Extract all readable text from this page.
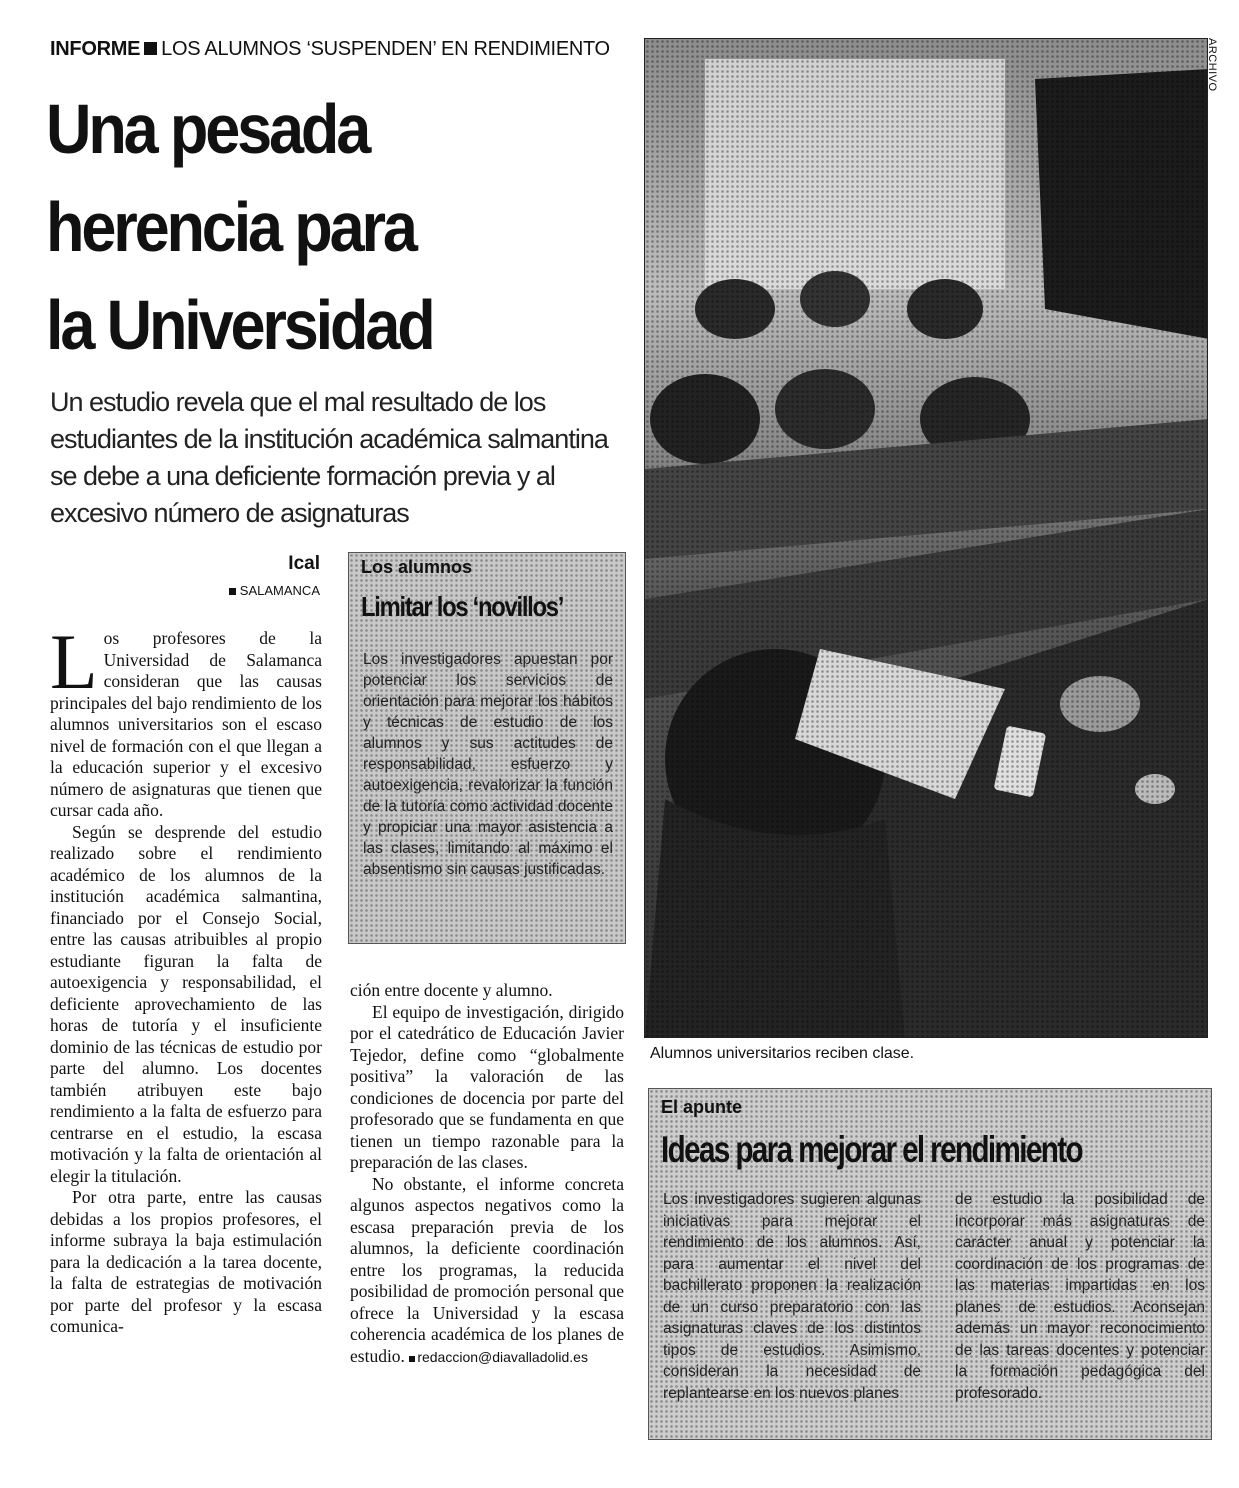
INFORME LOS ALUMNOS ‘SUSPENDEN’ EN RENDIMIENTO
Una pesada
herencia para
la Universidad
Un estudio revela que el mal resultado de los estudiantes de la institución académica salmantina se debe a una deficiente formación previa y al excesivo número de asignaturas
Ical
SALAMANCA

Los profesores de la Universidad de Salamanca consideran que las causas principales del bajo rendimiento de los alumnos universitarios son el escaso nivel de formación con el que llegan a la educación superior y el excesivo número de asignaturas que tienen que cursar cada año.

Según se desprende del estudio realizado sobre el rendimiento académico de los alumnos de la institución académica salmantina, financiado por el Consejo Social, entre las causas atribuibles al propio estudiante figuran la falta de autoexigencia y responsabilidad, el deficiente aprovechamiento de las horas de tutoría y el insuficiente dominio de las técnicas de estudio por parte del alumno. Los docentes también atribuyen este bajo rendimiento a la falta de esfuerzo para centrarse en el estudio, la escasa motivación y la falta de orientación al elegir la titulación.

Por otra parte, entre las causas debidas a los propios profesores, el informe subraya la baja estimulación para la dedicación a la tarea docente, la falta de estrategias de motivación por parte del profesor y la escasa comunica-

Los alumnos
Limitar los ‘novillos’
Los investigadores apuestan por potenciar los servicios de orientación para mejorar los hábitos y técnicas de estudio de los alumnos y sus actitudes de responsabilidad, esfuerzo y autoexigencia, revalorizar la función de la tutoría como actividad docente y propiciar una mayor asistencia a las clases, limitando al máximo el absentismo sin causas justificadas.

ción entre docente y alumno.

El equipo de investigación, dirigido por el catedrático de Educación Javier Tejedor, define como “globalmente positiva” la valoración de las condiciones de docencia por parte del profesorado que se fundamenta en que tienen un tiempo razonable para la preparación de las clases.

No obstante, el informe concreta algunos aspectos negativos como la escasa preparación previa de los alumnos, la deficiente coordinación entre los programas, la reducida posibilidad de promoción personal que ofrece la Universidad y la escasa coherencia académica de los planes de estudio. redaccion@diavalladolid.es

ARCHIVO
Alumnos universitarios reciben clase.
El apunte
Ideas para mejorar el rendimiento
Los investigadores sugieren algunas iniciativas para mejorar el rendimiento de los alumnos. Así, para aumentar el nivel del bachillerato proponen la realización de un curso preparatorio con las asignaturas claves de los distintos tipos de estudios. Asimismo, consideran la necesidad de replantearse en los nuevos planes
de estudio la posibilidad de incorporar más asignaturas de carácter anual y potenciar la coordinación de los programas de las materias impartidas en los planes de estudios. Aconsejan además un mayor reconocimiento de las tareas docentes y potenciar la formación pedagógica del profesorado.
